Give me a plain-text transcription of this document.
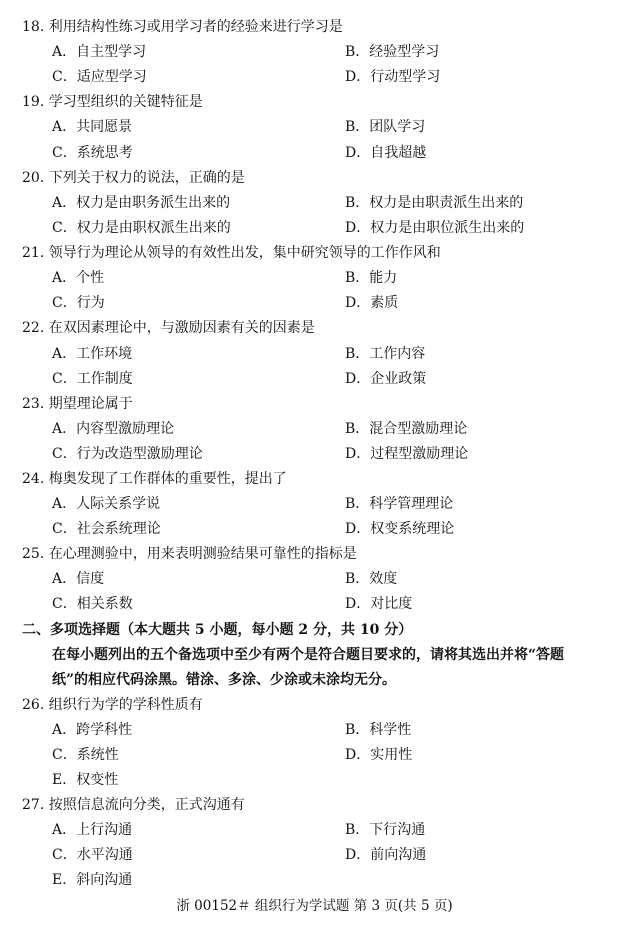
18. 利用结构性练习或用学习者的经验来进行学习是
A．自主型学习	B．经验型学习
C．适应型学习	D．行动型学习
19. 学习型组织的关键特征是
A．共同愿景	B．团队学习
C．系统思考	D．自我超越
20. 下列关于权力的说法，正确的是
A．权力是由职务派生出来的	B．权力是由职责派生出来的
C．权力是由职权派生出来的	D．权力是由职位派生出来的
21. 领导行为理论从领导的有效性出发，集中研究领导的工作作风和
A．个性	B．能力
C．行为	D．素质
22. 在双因素理论中，与激励因素有关的因素是
A．工作环境	B．工作内容
C．工作制度	D．企业政策
23. 期望理论属于
A．内容型激励理论	B．混合型激励理论
C．行为改造型激励理论	D．过程型激励理论
24. 梅奥发现了工作群体的重要性，提出了
A．人际关系学说	B．科学管理理论
C．社会系统理论	D．权变系统理论
25. 在心理测验中，用来表明测验结果可靠性的指标是
A．信度	B．效度
C．相关系数	D．对比度
二、多项选择题（本大题共 5 小题，每小题 2 分，共 10 分）
在每小题列出的五个备选项中至少有两个是符合题目要求的，请将其选出并将“答题
纸”的相应代码涂黑。错涂、多涂、少涂或未涂均无分。
26. 组织行为学的学科性质有
A．跨学科性	B．科学性
C．系统性	D．实用性
E．权变性
27. 按照信息流向分类，正式沟通有
A．上行沟通	B．下行沟通
C．水平沟通	D．前向沟通
E．斜向沟通
浙 00152＃ 组织行为学试题 第 3 页(共 5 页)
